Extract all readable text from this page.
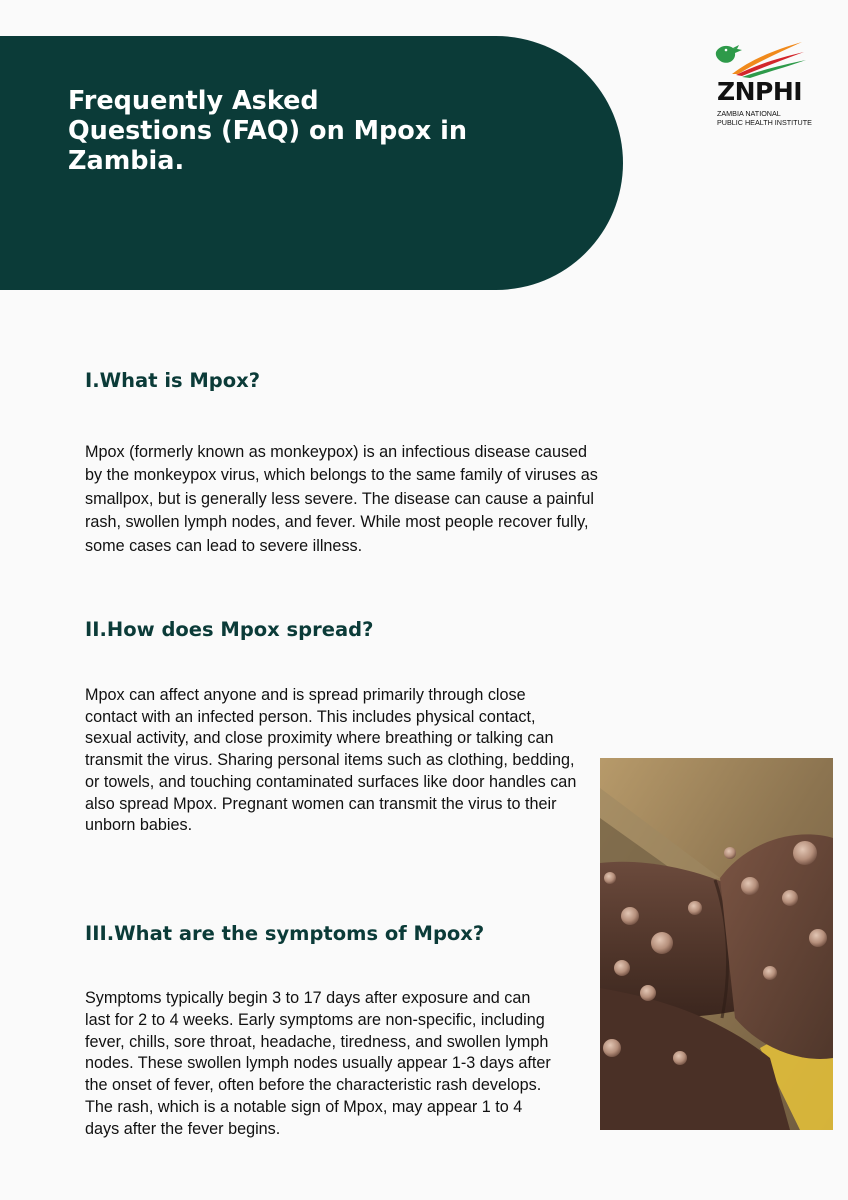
Frequently Asked Questions (FAQ) on Mpox in Zambia.
ZNPHI
ZAMBIA NATIONAL
PUBLIC HEALTH INSTITUTE
I.What is Mpox?

Mpox (formerly known as monkeypox) is an infectious disease caused by the monkeypox virus, which belongs to the same family of viruses as smallpox, but is generally less severe. The disease can cause a painful rash, swollen lymph nodes, and fever. While most people recover fully, some cases can lead to severe illness.

II.How does Mpox spread?

Mpox can affect anyone and is spread primarily through close contact with an infected person. This includes physical contact, sexual activity, and close proximity where breathing or talking can transmit the virus. Sharing personal items such as clothing, bedding, or towels, and touching contaminated surfaces like door handles can also spread Mpox. Pregnant women can transmit the virus to their unborn babies.

III.What are the symptoms of Mpox?

Symptoms typically begin 3 to 17 days after exposure and can last for 2 to 4 weeks. Early symptoms are non-specific, including fever, chills, sore throat, headache, tiredness, and swollen lymph nodes. These swollen lymph nodes usually appear 1-3 days after the onset of fever, often before the characteristic rash develops. The rash, which is a notable sign of Mpox, may appear 1 to 4 days after the fever begins.
